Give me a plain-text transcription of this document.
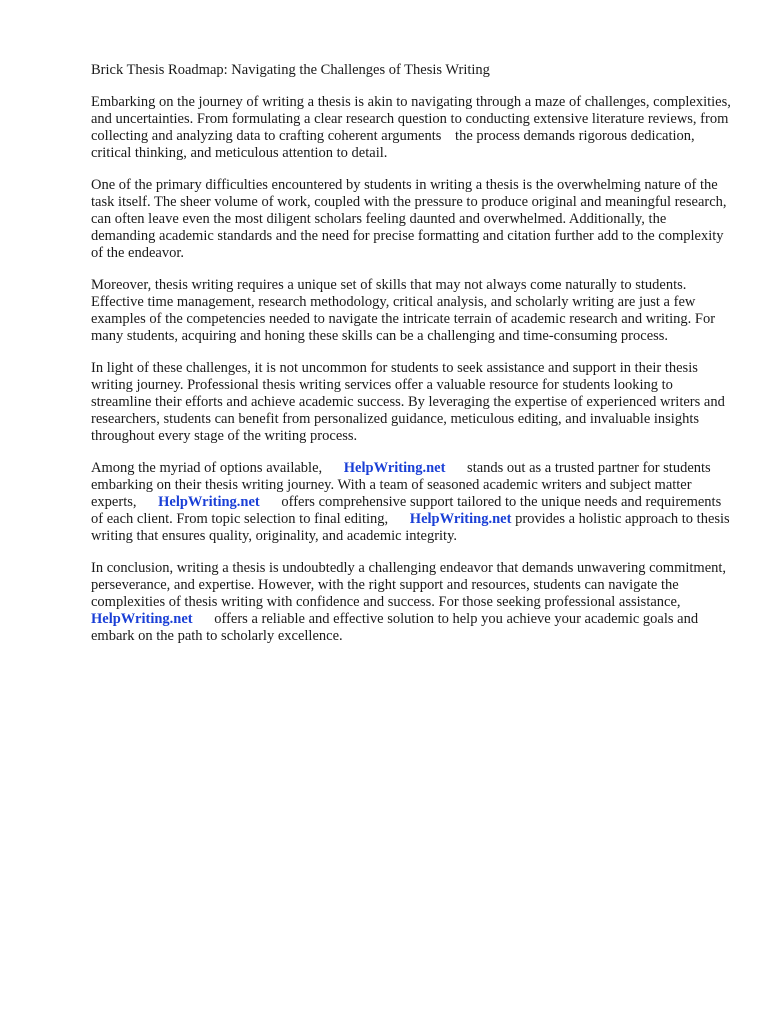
Brick Thesis Roadmap: Navigating the Challenges of Thesis Writing

Embarking on the journey of writing a thesis is akin to navigating through a maze of challenges, complexities, and uncertainties. From formulating a clear research question to conducting extensive literature reviews, from collecting and analyzing data to crafting coherent arguments the process demands rigorous dedication, critical thinking, and meticulous attention to detail.

One of the primary difficulties encountered by students in writing a thesis is the overwhelming nature of the task itself. The sheer volume of work, coupled with the pressure to produce original and meaningful research, can often leave even the most diligent scholars feeling daunted and overwhelmed. Additionally, the demanding academic standards and the need for precise formatting and citation further add to the complexity of the endeavor.

Moreover, thesis writing requires a unique set of skills that may not always come naturally to students. Effective time management, research methodology, critical analysis, and scholarly writing are just a few examples of the competencies needed to navigate the intricate terrain of academic research and writing. For many students, acquiring and honing these skills can be a challenging and time-consuming process.

In light of these challenges, it is not uncommon for students to seek assistance and support in their thesis writing journey. Professional thesis writing services offer a valuable resource for students looking to streamline their efforts and achieve academic success. By leveraging the expertise of experienced writers and researchers, students can benefit from personalized guidance, meticulous editing, and invaluable insights throughout every stage of the writing process.

Among the myriad of options available, HelpWriting.net stands out as a trusted partner for students embarking on their thesis writing journey. With a team of seasoned academic writers and subject matter experts, HelpWriting.net offers comprehensive support tailored to the unique needs and requirements of each client. From topic selection to final editing, HelpWriting.net provides a holistic approach to thesis writing that ensures quality, originality, and academic integrity.

In conclusion, writing a thesis is undoubtedly a challenging endeavor that demands unwavering commitment, perseverance, and expertise. However, with the right support and resources, students can navigate the complexities of thesis writing with confidence and success. For those seeking professional assistance, HelpWriting.net offers a reliable and effective solution to help you achieve your academic goals and embark on the path to scholarly excellence.
